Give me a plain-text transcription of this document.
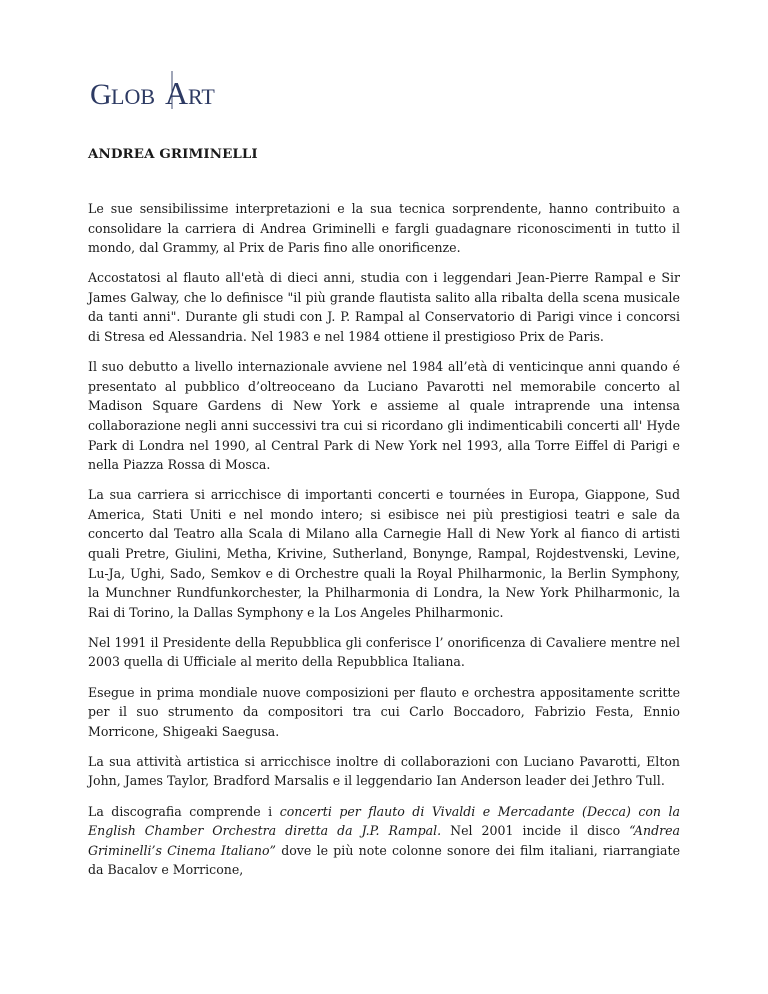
G LOB A RT
ANDREA GRIMINELLI

Le sue sensibilissime interpretazioni e la sua tecnica sorprendente, hanno contribuito a consolidare la carriera di Andrea Griminelli e fargli guadagnare riconoscimenti in tutto il mondo, dal Grammy, al Prix de Paris fino alle onorificenze.

Accostatosi al flauto all'età di dieci anni, studia con i leggendari Jean-Pierre Rampal e Sir James Galway, che lo definisce "il più grande flautista salito alla ribalta della scena musicale da tanti anni". Durante gli studi con J. P. Rampal al Conservatorio di Parigi vince i concorsi di Stresa ed Alessandria. Nel 1983 e nel 1984 ottiene il prestigioso Prix de Paris.

Il suo debutto a livello internazionale avviene nel 1984 all’età di venticinque anni quando é presentato al pubblico d’oltreoceano da Luciano Pavarotti nel memorabile concerto al Madison Square Gardens di New York e assieme al quale intraprende una intensa collaborazione negli anni successivi tra cui si ricordano gli indimenticabili concerti all' Hyde Park di Londra nel 1990, al Central Park di New York nel 1993, alla Torre Eiffel di Parigi e nella Piazza Rossa di Mosca.

La sua carriera si arricchisce di importanti concerti e tournées in Europa, Giappone, Sud America, Stati Uniti e nel mondo intero; si esibisce nei più prestigiosi teatri e sale da concerto dal Teatro alla Scala di Milano alla Carnegie Hall di New York al fianco di artisti quali Pretre, Giulini, Metha, Krivine, Sutherland, Bonynge, Rampal, Rojdestvenski, Levine, Lu-Ja, Ughi, Sado, Semkov e di Orchestre quali la Royal Philharmonic, la Berlin Symphony, la Munchner Rundfunkorchester, la Philharmonia di Londra, la New York Philharmonic, la Rai di Torino, la Dallas Symphony e la Los Angeles Philharmonic.

Nel 1991 il Presidente della Repubblica gli conferisce l’ onorificenza di Cavaliere mentre nel 2003 quella di Ufficiale al merito della Repubblica Italiana.

Esegue in prima mondiale nuove composizioni per flauto e orchestra appositamente scritte per il suo strumento da compositori tra cui Carlo Boccadoro, Fabrizio Festa, Ennio Morricone, Shigeaki Saegusa.

La sua attività artistica si arricchisce inoltre di collaborazioni con Luciano Pavarotti, Elton John, James Taylor, Bradford Marsalis e il leggendario Ian Anderson leader dei Jethro Tull.

La discografia comprende i concerti per flauto di Vivaldi e Mercadante (Decca) con la English Chamber Orchestra diretta da J.P. Rampal. Nel 2001 incide il disco “Andrea Griminelli’s Cinema Italiano” dove le più note colonne sonore dei film italiani, riarrangiate da Bacalov e Morricone,
